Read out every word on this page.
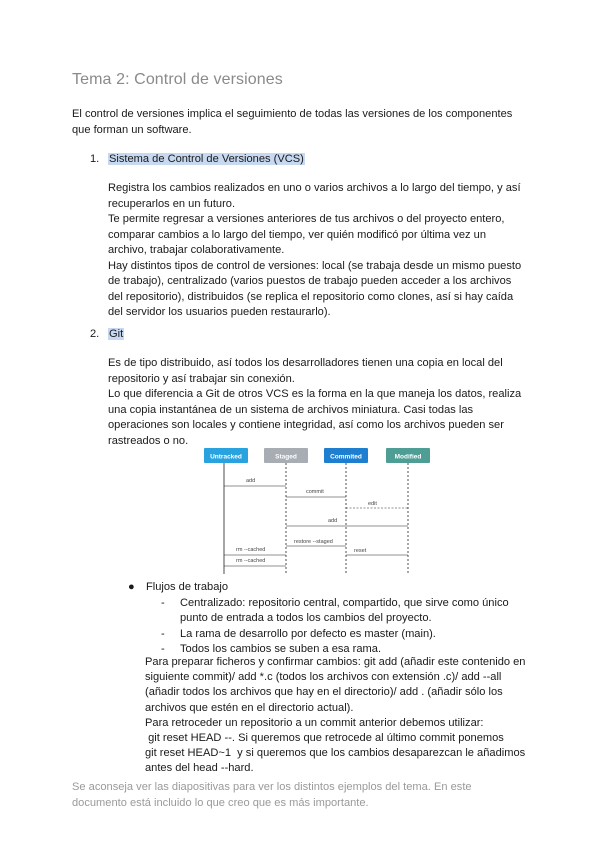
Tema 2: Control de versiones

El control de versiones implica el seguimiento de todas las versiones de los componentes que forman un software.

1. Sistema de Control de Versiones (VCS)

Registra los cambios realizados en uno o varios archivos a lo largo del tiempo, y así recuperarlos en un futuro.

Te permite regresar a versiones anteriores de tus archivos o del proyecto entero, comparar cambios a lo largo del tiempo, ver quién modificó por última vez un archivo, trabajar colaborativamente.

Hay distintos tipos de control de versiones: local (se trabaja desde un mismo puesto de trabajo), centralizado (varios puestos de trabajo pueden acceder a los archivos del repositorio), distribuidos (se replica el repositorio como clones, así si hay caída del servidor los usuarios pueden restaurarlo).

2. Git

Es de tipo distribuido, así todos los desarrolladores tienen una copia en local del repositorio y así trabajar sin conexión.

Lo que diferencia a Git de otros VCS es la forma en la que maneja los datos, realiza una copia instantánea de un sistema de archivos miniatura. Casi todas las operaciones son locales y contiene integridad, así como los archivos pueden ser rastreados o no.

Untracked	Staged	Commited	Modified
add
commit
edit
add
restore --staged
reset
rm --cached
rm --cached
● Flujos de trabajo
- Centralizado: repositorio central, compartido, que sirve como único punto de entrada a todos los cambios del proyecto.
- La rama de desarrollo por defecto es master (main).
- Todos los cambios se suben a esa rama.

Para preparar ficheros y confirmar cambios: git add (añadir este contenido en siguiente commit)/ add *.c (todos los archivos con extensión .c)/ add --all (añadir todos los archivos que hay en el directorio)/ add . (añadir sólo los archivos que estén en el directorio actual).

Para retroceder un repositorio a un commit anterior debemos utilizar:

git reset HEAD --. Si queremos que retrocede al último commit ponemos

git reset HEAD~1  y si queremos que los cambios desaparezcan le añadimos antes del head --hard.

Se aconseja ver las diapositivas para ver los distintos ejemplos del tema. En este documento está incluido lo que creo que es más importante.
